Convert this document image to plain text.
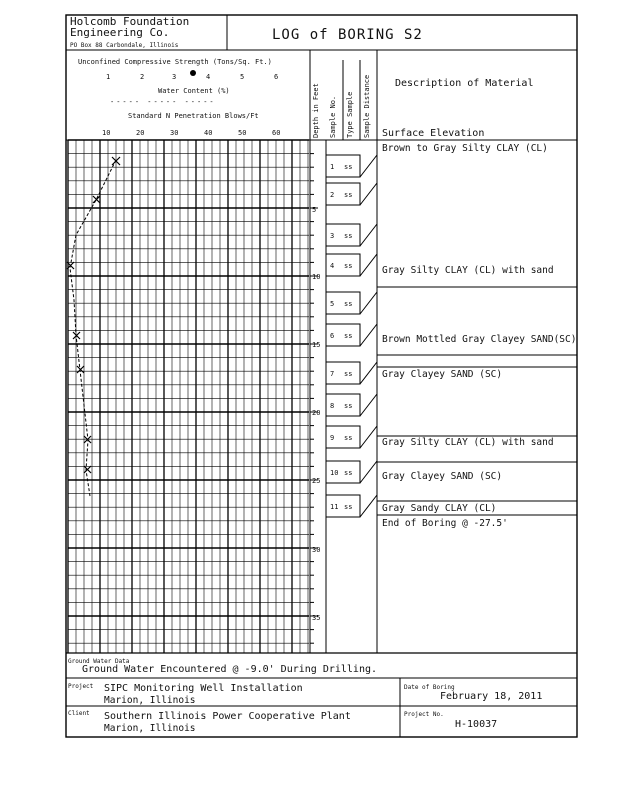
Holcomb Foundation
Engineering Co.
PO Box 88 Carbondale, Illinois
LOG of BORING S2
Unconfined Compressive Strength (Tons/Sq. Ft.)
1	2	3	4	5	6
Water Content (%)
----- ----- -----
Standard N Penetration Blows/Ft
10	20	30	40	50	60	Depth in Feet Sample No. Type Sample Sample Distance Description of Material
Surface Elevation
5
10
15
20
25
30
35
1 ss
2 ss
3 ss
4 ss
5 ss
6 ss
7 ss
8 ss
9 ss
10 ss
11 ss
Brown to Gray Silty CLAY (CL)
Gray Silty CLAY (CL) with sand
Brown Mottled Gray Clayey SAND(SC)
Gray Clayey SAND (SC)
Gray Silty CLAY (CL) with sand
Gray Clayey SAND (SC)
Gray Sandy CLAY (CL)
End of Boring @ -27.5'
Ground Water Data
Ground Water Encountered @ -9.0' During Drilling.
Project SIPC Monitoring Well Installation
Marion, Illinois
Client Southern Illinois Power Cooperative Plant
Marion, Illinois
Date of Boring
February 18, 2011
Project No.
H-10037
